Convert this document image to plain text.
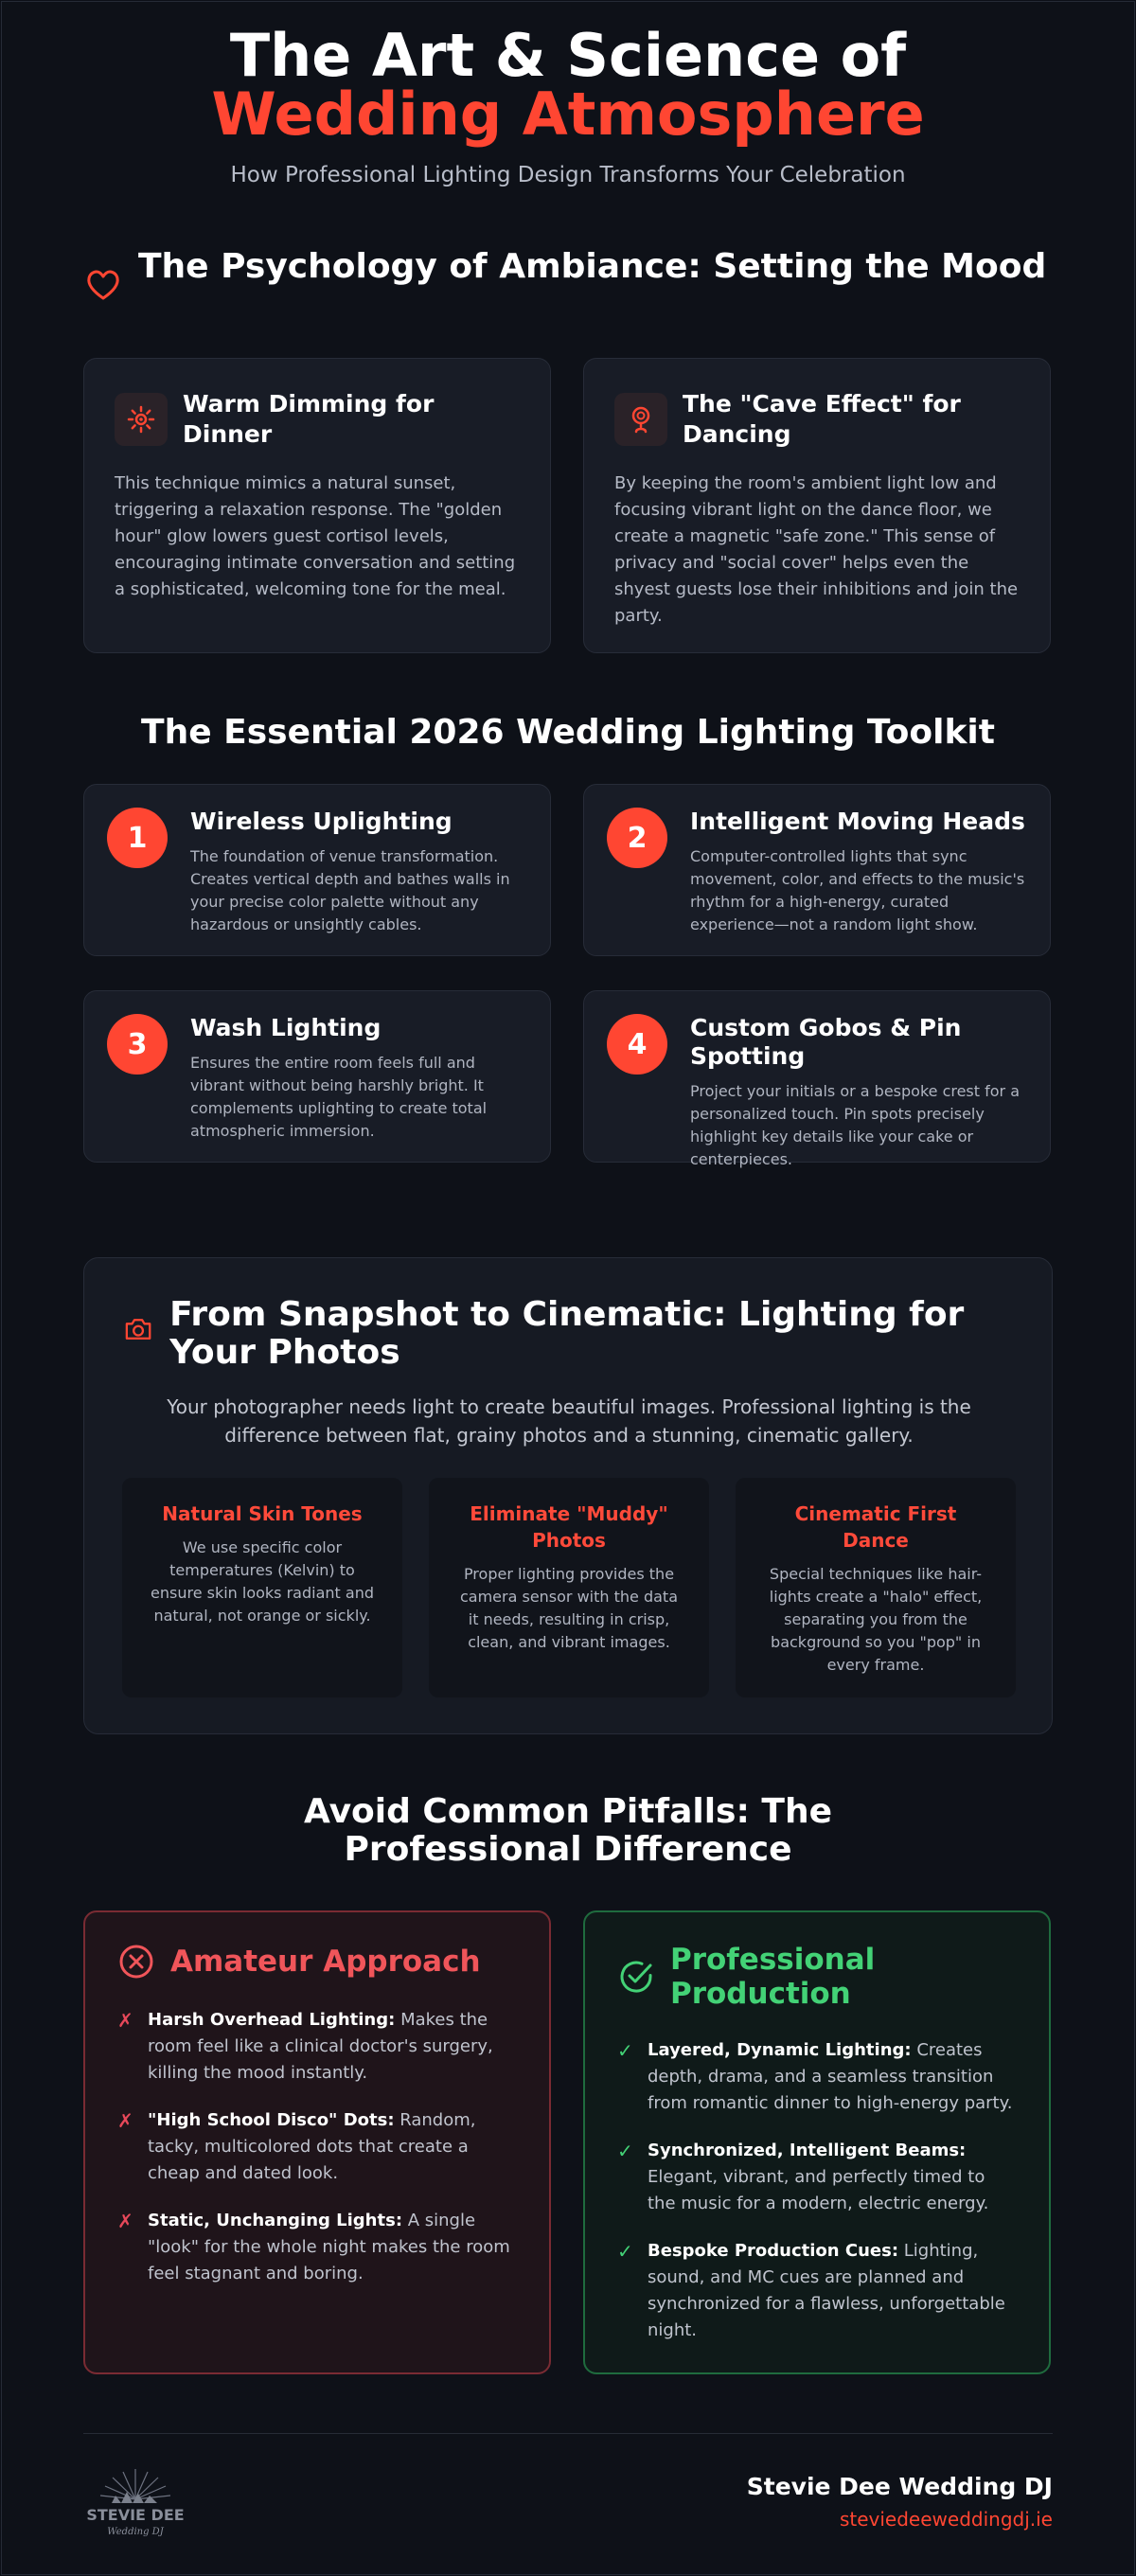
The Art & Science of Wedding Atmosphere
How Professional Lighting Design Transforms Your Celebration
The Psychology of Ambiance: Setting the Mood
Warm Dimming for Dinner

This technique mimics a natural sunset, triggering a relaxation response. The "golden hour" glow lowers guest cortisol levels, encouraging intimate conversation and setting a sophisticated, welcoming tone for the meal.

The "Cave Effect" for Dancing

By keeping the room's ambient light low and focusing vibrant light on the dance floor, we create a magnetic "safe zone." This sense of privacy and "social cover" helps even the shyest guests lose their inhibitions and join the party.

The Essential 2026 Wedding Lighting Toolkit
1	Wireless Uplighting

The foundation of venue transformation. Creates vertical depth and bathes walls in your precise color palette without any hazardous or unsightly cables.

2	Intelligent Moving Heads

Computer-controlled lights that sync movement, color, and effects to the music's rhythm for a high-energy, curated experience—not a random light show.

3	Wash Lighting

Ensures the entire room feels full and vibrant without being harshly bright. It complements uplighting to create total atmospheric immersion.

4	Custom Gobos & Pin Spotting

Project your initials or a bespoke crest for a personalized touch. Pin spots precisely highlight key details like your cake or centerpieces.

From Snapshot to Cinematic: Lighting for Your Photos
Your photographer needs light to create beautiful images. Professional lighting is the difference between flat, grainy photos and a stunning, cinematic gallery.
Natural Skin Tones

We use specific color temperatures (Kelvin) to ensure skin looks radiant and natural, not orange or sickly.

Eliminate "Muddy" Photos

Proper lighting provides the camera sensor with the data it needs, resulting in crisp, clean, and vibrant images.

Cinematic First Dance

Special techniques like hair-lights create a "halo" effect, separating you from the background so you "pop" in every frame.

Avoid Common Pitfalls: The Professional Difference
Amateur Approach
✗ Harsh Overhead Lighting: Makes the room feel like a clinical doctor's surgery, killing the mood instantly.
✗ "High School Disco" Dots: Random, tacky, multicolored dots that create a cheap and dated look.
✗ Static, Unchanging Lights: A single "look" for the whole night makes the room feel stagnant and boring.
Professional Production
✓ Layered, Dynamic Lighting: Creates depth, drama, and a seamless transition from romantic dinner to high-energy party.
✓ Synchronized, Intelligent Beams: Elegant, vibrant, and perfectly timed to the music for a modern, electric energy.
✓ Bespoke Production Cues: Lighting, sound, and MC cues are planned and synchronized for a flawless, unforgettable night.
STEVIE DEE
Wedding DJ
Stevie Dee Wedding DJ
steviedeeweddingdj.ie
